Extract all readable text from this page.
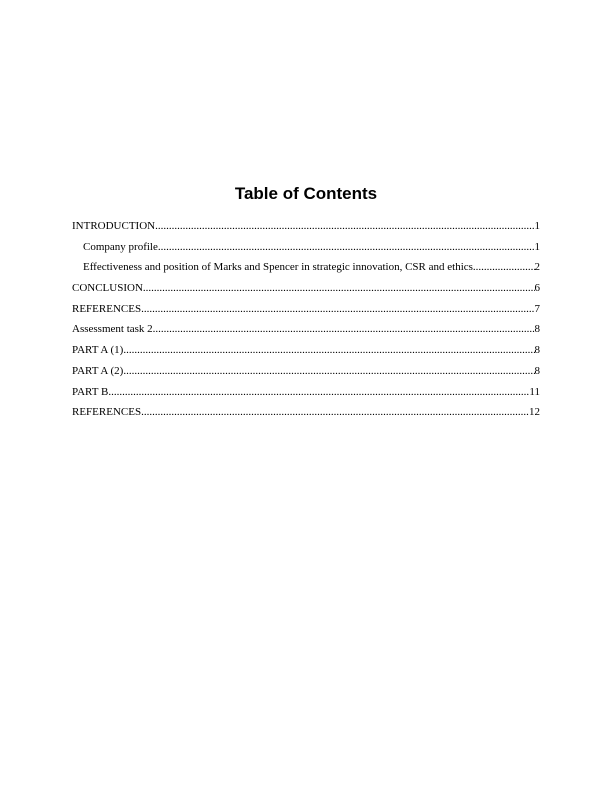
Table of Contents
INTRODUCTION .....	1
Company profile .....	1
Effectiveness and position of Marks and Spencer in strategic innovation, CSR and ethics .....	2
CONCLUSION .....	6
REFERENCES .....	7
Assessment task 2 .....	8
PART A (1) .....	8
PART A (2) .....	8
PART B .....	11
REFERENCES .....	12
